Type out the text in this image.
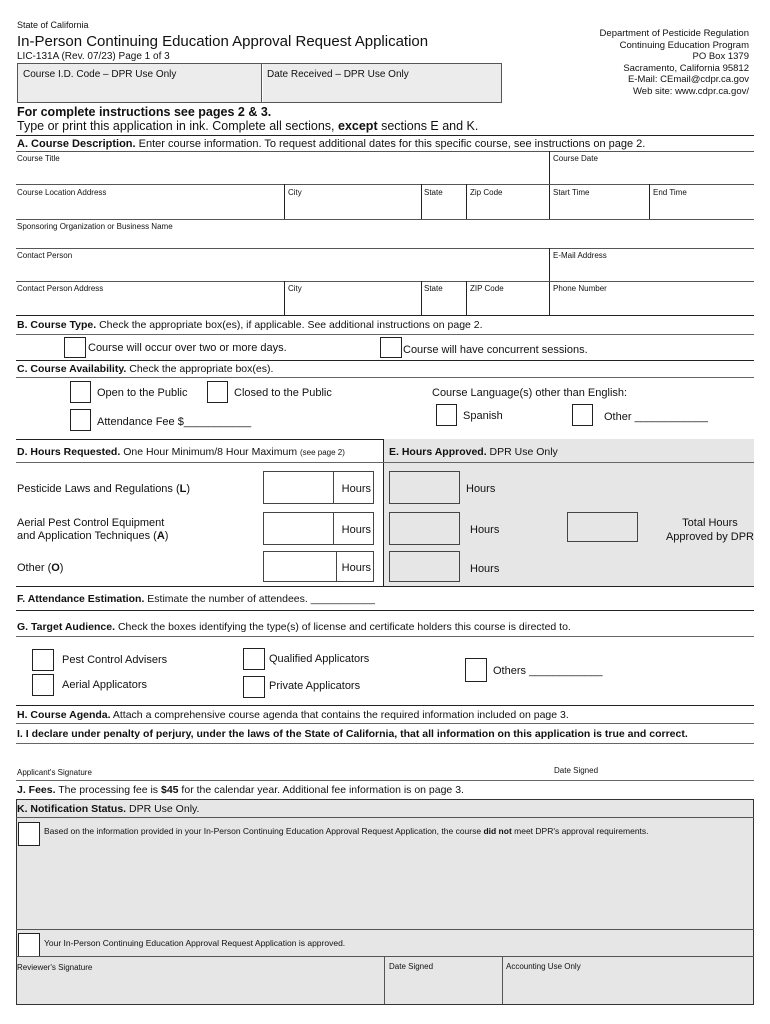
State of California
In-Person Continuing Education Approval Request Application
LIC-131A (Rev. 07/23) Page 1 of 3
Department of Pesticide Regulation
Continuing Education Program
PO Box 1379
Sacramento, California 95812
E-Mail: CEmail@cdpr.ca.gov
Web site: www.cdpr.ca.gov/
Course I.D. Code – DPR Use Only	Date Received – DPR Use Only
For complete instructions see pages 2 & 3.
Type or print this application in ink. Complete all sections, except sections E and K.
A. Course Description. Enter course information. To request additional dates for this specific course, see instructions on page 2.
Course Title	Course Date
Course Location Address	City	State	Zip Code	Start Time	End Time
Sponsoring Organization or Business Name
Contact Person	E-Mail Address
Contact Person Address	City	State	ZIP Code	Phone Number
B. Course Type. Check the appropriate box(es), if applicable. See additional instructions on page 2.
Course will occur over two or more days.	Course will have concurrent sessions.
C. Course Availability. Check the appropriate box(es).
Open to the Public	Closed to the Public
Attendance Fee $___________
Course Language(s) other than English:
Spanish	Other ____________
D. Hours Requested. One Hour Minimum/8 Hour Maximum (see page 2)	E. Hours Approved. DPR Use Only
Pesticide Laws and Regulations (L)	Hours	Hours
Aerial Pest Control Equipment
and Application Techniques (A)	Hours	Hours
Total Hours
Approved by DPR
Other (O)	Hours	Hours
F. Attendance Estimation. Estimate the number of attendees. ___________
G. Target Audience. Check the boxes identifying the type(s) of license and certificate holders this course is directed to.
Pest Control Advisers	Qualified Applicators
Others ____________
Aerial Applicators	Private Applicators
H. Course Agenda. Attach a comprehensive course agenda that contains the required information included on page 3.
I. I declare under penalty of perjury, under the laws of the State of California, that all information on this application is true and correct.
Applicant's Signature	Date Signed
J. Fees. The processing fee is $45 for the calendar year. Additional fee information is on page 3.
K. Notification Status. DPR Use Only.
Based on the information provided in your In-Person Continuing Education Approval Request Application, the course did not meet DPR's approval requirements.
Your In-Person Continuing Education Approval Request Application is approved.
Reviewer's Signature	Date Signed	Accounting Use Only
